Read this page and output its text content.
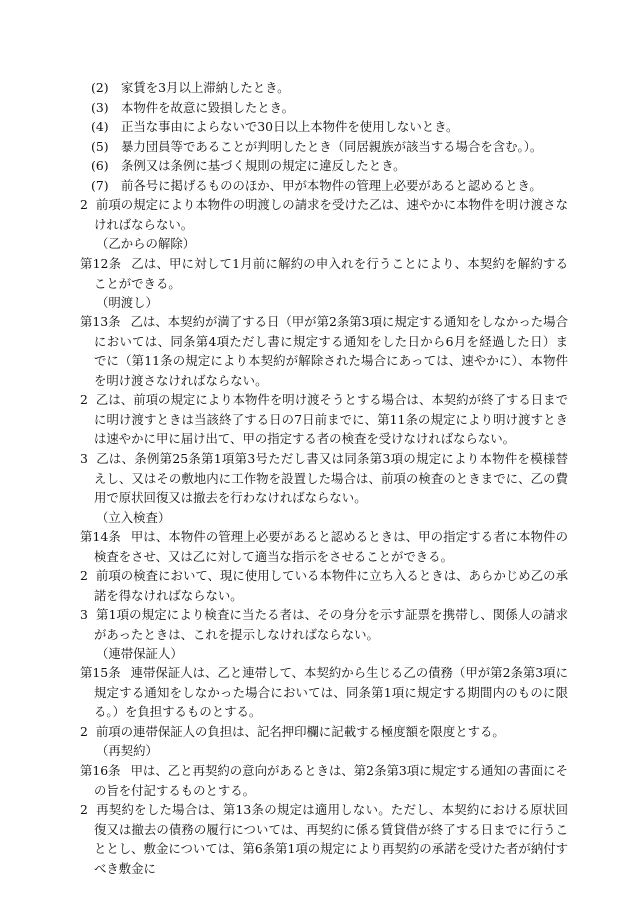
(2) 家賃を3月以上滞納したとき。
(3) 本物件を故意に毀損したとき。
(4) 正当な事由によらないで30日以上本物件を使用しないとき。
(5) 暴力団員等であることが判明したとき（同居親族が該当する場合を含む。）。
(6) 条例又は条例に基づく規則の規定に違反したとき。
(7) 前各号に掲げるもののほか、甲が本物件の管理上必要があると認めるとき。
2 前項の規定により本物件の明渡しの請求を受けた乙は、速やかに本物件を明け渡さなければならない。
（乙からの解除）
第12条 乙は、甲に対して1月前に解約の申入れを行うことにより、本契約を解約することができる。
（明渡し）
第13条 乙は、本契約が満了する日（甲が第2条第3項に規定する通知をしなかった場合においては、同条第4項ただし書に規定する通知をした日から6月を経過した日）までに（第11条の規定により本契約が解除された場合にあっては、速やかに）、本物件を明け渡さなければならない。
2 乙は、前項の規定により本物件を明け渡そうとする場合は、本契約が終了する日までに明け渡すときは当該終了する日の7日前までに、第11条の規定により明け渡すときは速やかに甲に届け出て、甲の指定する者の検査を受けなければならない。
3 乙は、条例第25条第1項第3号ただし書又は同条第3項の規定により本物件を模様替えし、又はその敷地内に工作物を設置した場合は、前項の検査のときまでに、乙の費用で原状回復又は撤去を行わなければならない。
（立入検査）
第14条 甲は、本物件の管理上必要があると認めるときは、甲の指定する者に本物件の検査をさせ、又は乙に対して適当な指示をさせることができる。
2 前項の検査において、現に使用している本物件に立ち入るときは、あらかじめ乙の承諾を得なければならない。
3 第1項の規定により検査に当たる者は、その身分を示す証票を携帯し、関係人の請求があったときは、これを提示しなければならない。
（連帯保証人）
第15条 連帯保証人は、乙と連帯して、本契約から生じる乙の債務（甲が第2条第3項に規定する通知をしなかった場合においては、同条第1項に規定する期間内のものに限る。）を負担するものとする。
2 前項の連帯保証人の負担は、記名押印欄に記載する極度額を限度とする。
（再契約）
第16条 甲は、乙と再契約の意向があるときは、第2条第3項に規定する通知の書面にその旨を付記するものとする。
2 再契約をした場合は、第13条の規定は適用しない。ただし、本契約における原状回復又は撤去の債務の履行については、再契約に係る賃貸借が終了する日までに行うこととし、敷金については、第6条第1項の規定により再契約の承諾を受けた者が納付すべき敷金に
